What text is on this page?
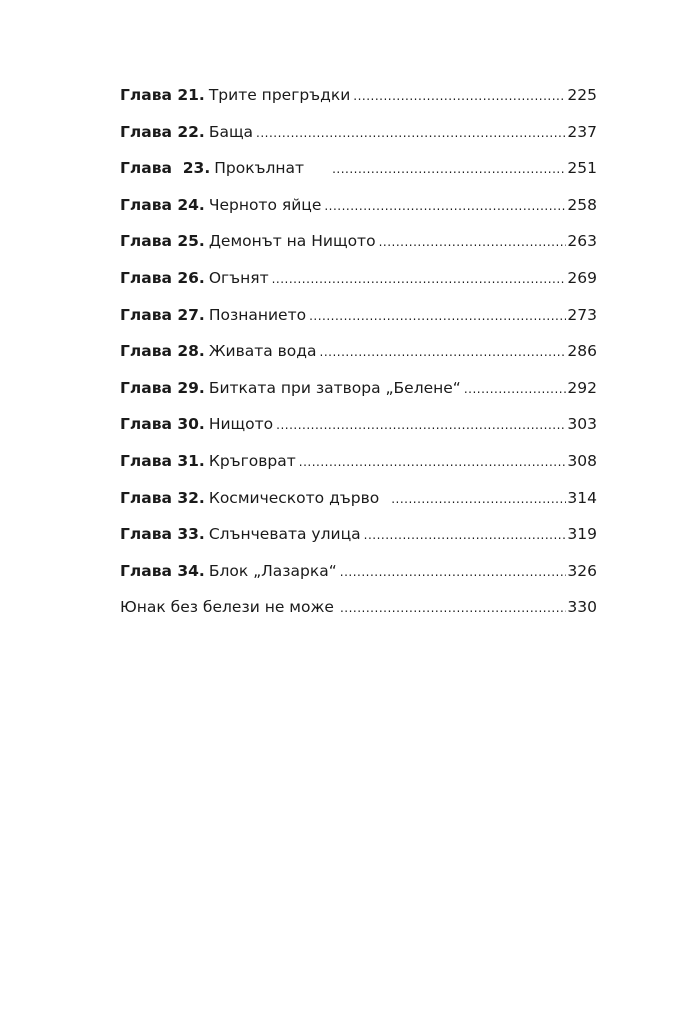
Глава 21. Трите прегръдки .....	225
Глава 22. Баща .....	237
Глава  23. Прокълнат .....	251
Глава 24. Черното яйце .....	258
Глава 25. Демонът на Нищото .....	263
Глава 26. Огънят .....	269
Глава 27. Познанието .....	273
Глава 28. Живата вода .....	286
Глава 29. Битката при затвора „Белене“ .....	292
Глава 30. Нищото .....	303
Глава 31. Кръговрат .....	308
Глава 32. Космическото дърво .....	314
Глава 33. Слънчевата улица .....	319
Глава 34. Блок „Лазарка“ .....	326
Юнак без белези не може .....	330
